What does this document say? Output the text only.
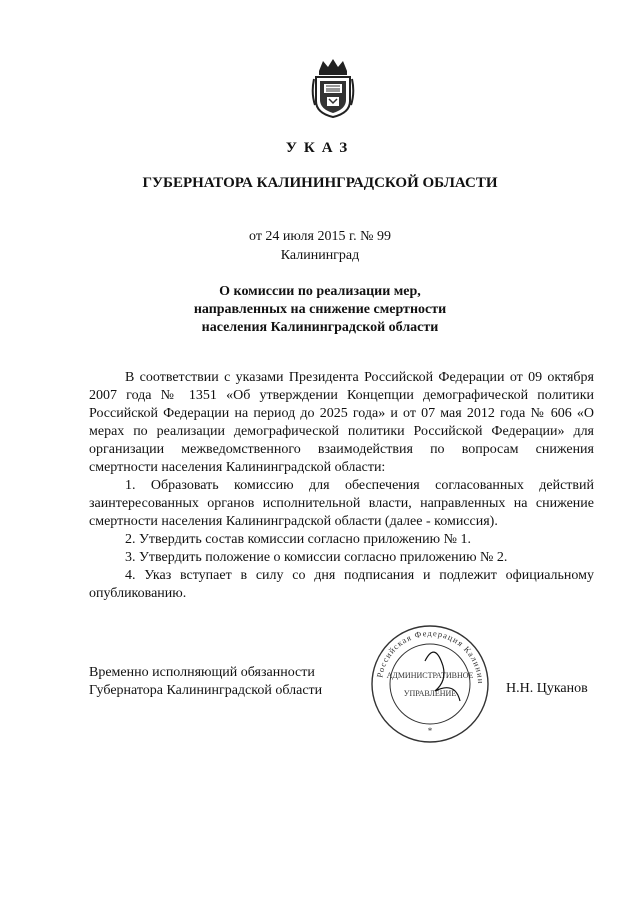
УКАЗ
ГУБЕРНАТОРА КАЛИНИНГРАДСКОЙ ОБЛАСТИ
от 24 июля 2015 г. № 99
Калининград
О комиссии по реализации мер,
направленных на снижение смертности
населения Калининградской области
В соответствии с указами Президента Российской Федерации от 09 октября 2007 года № 1351 «Об утверждении Концепции демографической политики Российской Федерации на период до 2025 года» и от 07 мая 2012 года № 606 «О мерах по реализации демографической политики Российской Федерации» для организации межведомственного взаимодействия по вопросам снижения смертности населения Калининградской области:
1. Образовать комиссию для обеспечения согласованных действий заинтересованных органов исполнительной власти, направленных на снижение смертности населения Калининградской области (далее - комиссия).
2. Утвердить состав комиссии согласно приложению № 1.
3. Утвердить положение о комиссии согласно приложению № 2.
4. Указ вступает в силу со дня подписания и подлежит официальному опубликованию.
Временно исполняющий обязанности
Губернатора Калининградской области
Российская Федерация Калинин
АДМИНИСТРАТИВНОЕ
УПРАВЛЕНИЕ
*
Н.Н. Цуканов
